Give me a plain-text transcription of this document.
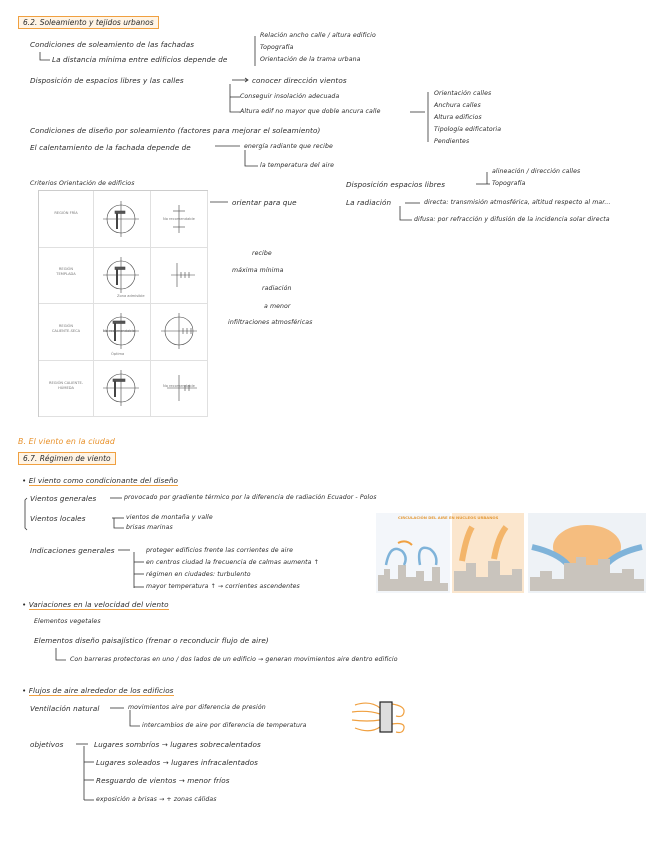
6.2. Soleamiento y tejidos urbanos
Condiciones de soleamiento de las fachadas
La distancia mínima entre edificios depende de
Relación ancho calle / altura edificio
Topografía
Orientación de la trama urbana
Disposición de espacios libres y las calles	conocer dirección vientos
Conseguir insolación adecuada
Altura edif no mayor que doble ancura calle
Orientación calles
Anchura calles
Altura edificios
Tipología edificatoria
Pendientes
Condiciones de diseño por soleamiento (factores para mejorar el soleamiento)
El calentamiento de la fachada depende de	energía radiante que recibe
la temperatura del aire
Criterios Orientación de edificios
REGIÓN FRÍA
REGIÓN TEMPLADA
REGIÓN CALIENTE-SECA
REGIÓN CALIENTE-HÚMEDA
No recomendable
No recomendable
No recomendable
Zona admisible
Óptima
orientar para que
recibe
máxima mínima
radiación
a menor
infiltraciones atmosféricas
Disposición espacios libres
alineación / dirección calles
Topografía
La radiación	directa: transmisión atmosférica, altitud respecto al mar...
difusa: por refracción y difusión de la incidencia solar directa
B. El viento en la ciudad
6.7. Régimen de viento
• El viento como condicionante del diseño
Vientos generales	provocado por gradiente térmico por la diferencia de radiación Ecuador - Polos
Vientos locales	vientos de montaña y valle
brisas marinas
Indicaciones generales	proteger edificios frente las corrientes de aire
en centros ciudad la frecuencia de calmas aumenta ↑
régimen en ciudades: turbulento
mayor temperatura ↑ → corrientes ascendentes
CIRCULACIÓN DEL AIRE EN NÚCLEOS URBANOS
• Variaciones en la velocidad del viento
Elementos vegetales
Elementos diseño paisajístico (frenar o reconducir flujo de aire)
Con barreras protectoras en uno / dos lados de un edificio → generan movimientos aire dentro edificio
• Flujos de aire alrededor de los edificios
Ventilación natural	movimientos aire por diferencia de presión
intercambios de aire por diferencia de temperatura
objetivos	Lugares sombríos → lugares sobrecalentados
Lugares soleados → lugares infracalentados
Resguardo de vientos → menor fríos
exposición a brisas → + zonas cálidas
